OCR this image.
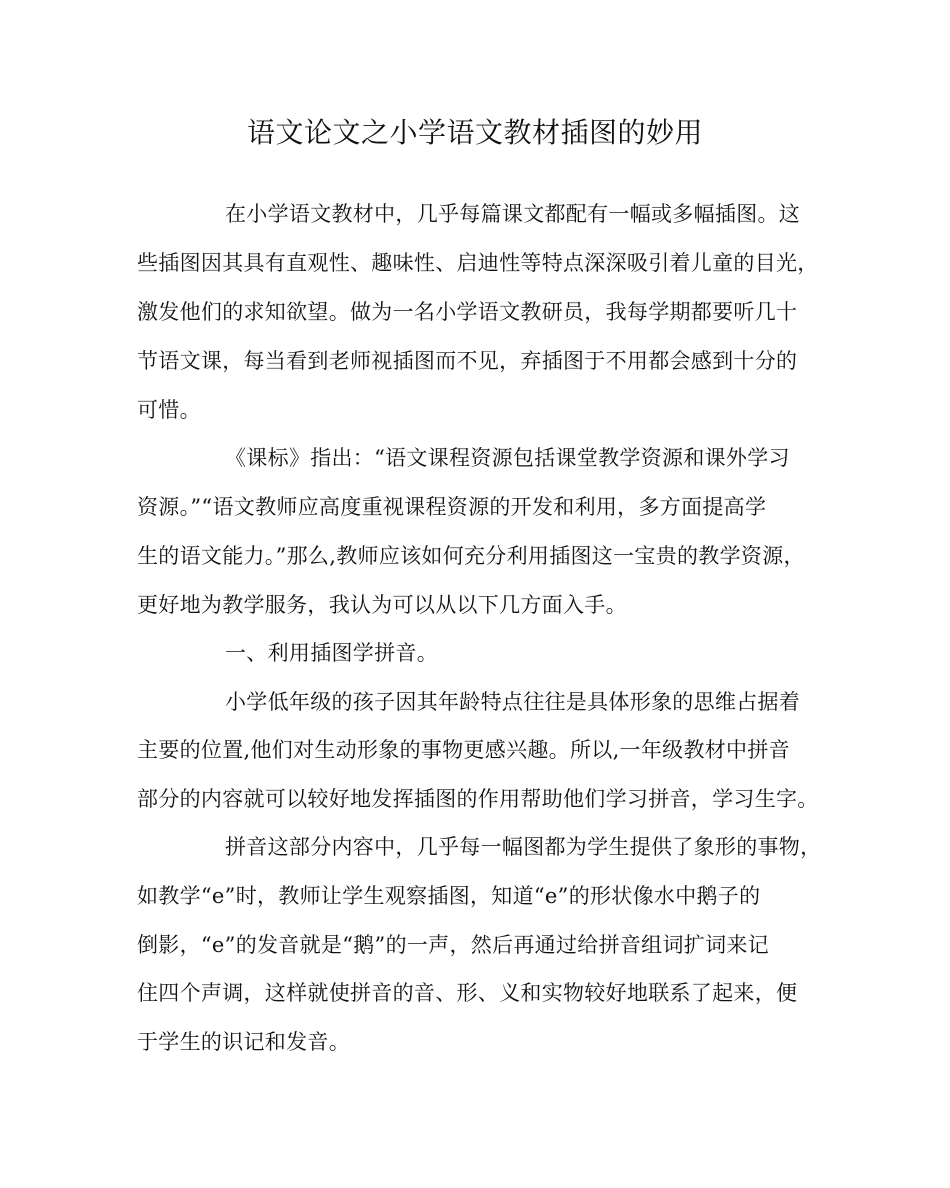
语文论文之小学语文教材插图的妙用
在小学语文教材中，几乎每篇课文都配有一幅或多幅插图。这
些插图因其具有直观性、趣味性、启迪性等特点深深吸引着儿童的目光，
激发他们的求知欲望。做为一名小学语文教研员，我每学期都要听几十
节语文课，每当看到老师视插图而不见，弃插图于不用都会感到十分的
可惜。
《课标》指出：“语文课程资源包括课堂教学资源和课外学习
资源。”“语文教师应高度重视课程资源的开发和利用，多方面提高学
生的语文能力。”那么,教师应该如何充分利用插图这一宝贵的教学资源，
更好地为教学服务，我认为可以从以下几方面入手。
一、利用插图学拼音。
小学低年级的孩子因其年龄特点往往是具体形象的思维占据着
主要的位置,他们对生动形象的事物更感兴趣。所以,一年级教材中拼音
部分的内容就可以较好地发挥插图的作用帮助他们学习拼音，学习生字。
拼音这部分内容中，几乎每一幅图都为学生提供了象形的事物，
如教学“e”时，教师让学生观察插图，知道“e”的形状像水中鹅子的
倒影，“e”的发音就是“鹅”的一声，然后再通过给拼音组词扩词来记
住四个声调，这样就使拼音的音、形、义和实物较好地联系了起来，便
于学生的识记和发音。
